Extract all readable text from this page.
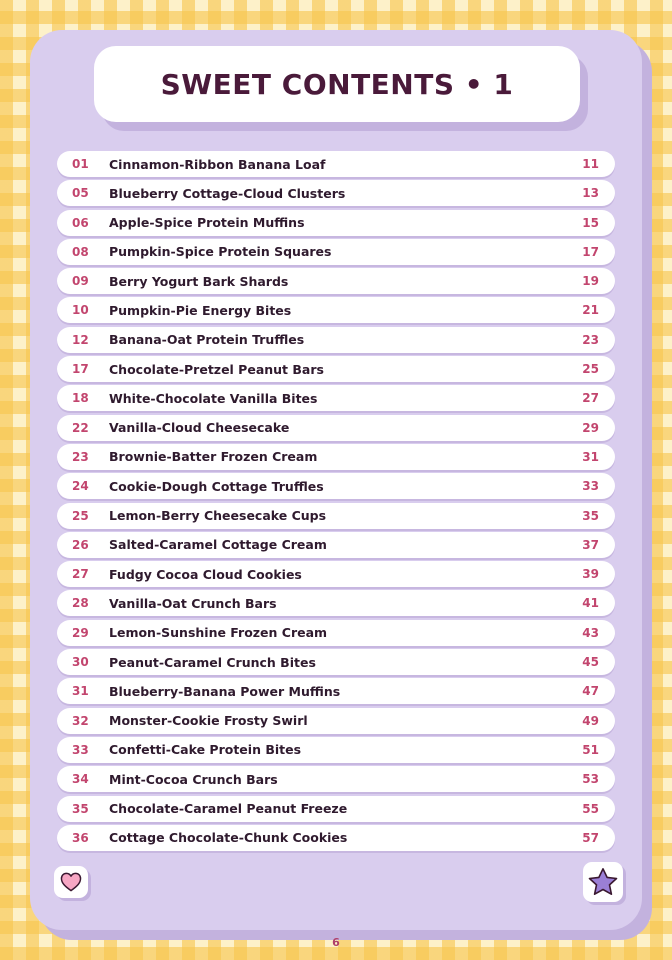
SWEET CONTENTS • 1
01	Cinnamon-Ribbon Banana Loaf	11
05	Blueberry Cottage-Cloud Clusters	13
06	Apple-Spice Protein Muffins	15
08	Pumpkin-Spice Protein Squares	17
09	Berry Yogurt Bark Shards	19
10	Pumpkin-Pie Energy Bites	21
12	Banana-Oat Protein Truffles	23
17	Chocolate-Pretzel Peanut Bars	25
18	White-Chocolate Vanilla Bites	27
22	Vanilla-Cloud Cheesecake	29
23	Brownie-Batter Frozen Cream	31
24	Cookie-Dough Cottage Truffles	33
25	Lemon-Berry Cheesecake Cups	35
26	Salted-Caramel Cottage Cream	37
27	Fudgy Cocoa Cloud Cookies	39
28	Vanilla-Oat Crunch Bars	41
29	Lemon-Sunshine Frozen Cream	43
30	Peanut-Caramel Crunch Bites	45
31	Blueberry-Banana Power Muffins	47
32	Monster-Cookie Frosty Swirl	49
33	Confetti-Cake Protein Bites	51
34	Mint-Cocoa Crunch Bars	53
35	Chocolate-Caramel Peanut Freeze	55
36	Cottage Chocolate-Chunk Cookies	57
6
